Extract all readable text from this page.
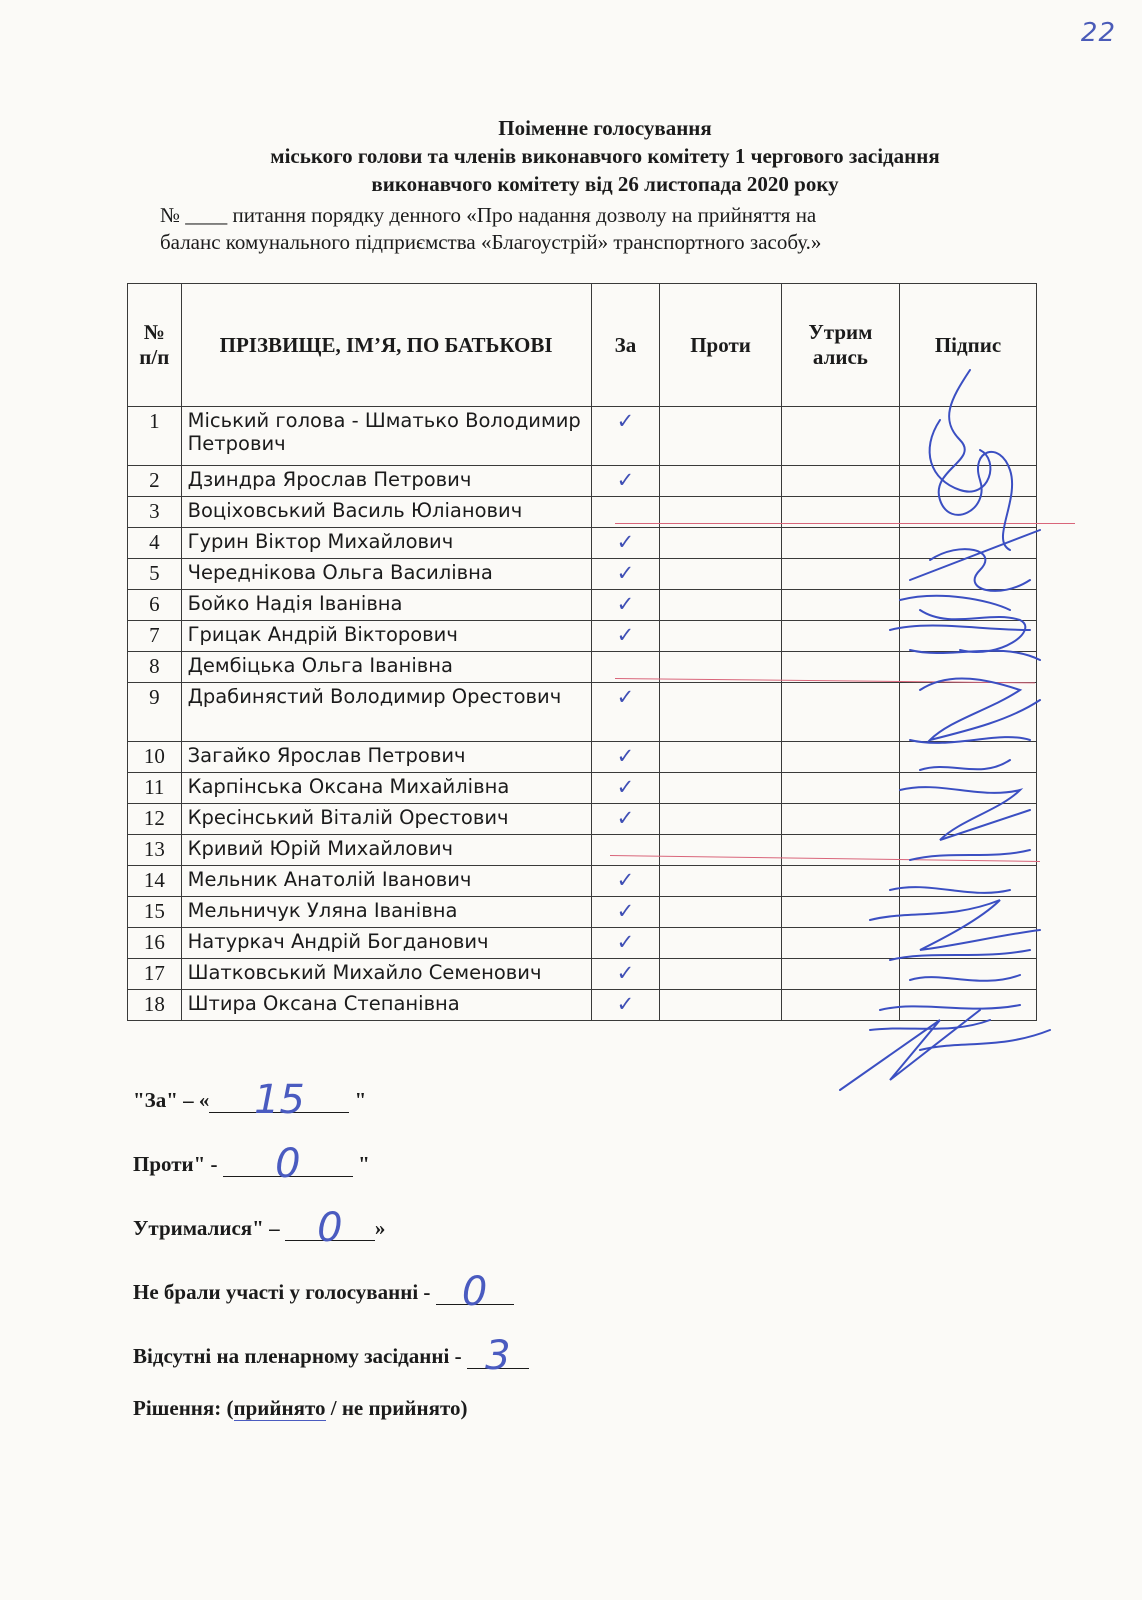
22
Поіменне голосування
міського голови та членів виконавчого комітету 1 чергового засідання
виконавчого комітету від 26 листопада 2020 року
№ ____ питання порядку денного «Про надання дозволу на прийняття на
баланс комунального підприємства «Благоустрій» транспортного засобу.»
№ п/п	ПРІЗВИЩЕ, ІМ’Я, ПО БАТЬКОВІ	За	Проти	Утрим ались	Підпис
1	Міський голова - Шматько Володимир Петрович	✓			
2	Дзиндра Ярослав Петрович	✓			
3	Воціховський Василь Юліанович				
4	Гурин Віктор Михайлович	✓			
5	Череднікова Ольга Василівна	✓			
6	Бойко Надія Іванівна	✓			
7	Грицак Андрій Вікторович	✓			
8	Дембіцька Ольга Іванівна				
9	Драбинястий Володимир Орестович	✓			
10	Загайко Ярослав Петрович	✓			
11	Карпінська Оксана Михайлівна	✓			
12	Кресінський Віталій Орестович	✓			
13	Кривий Юрій Михайлович				
14	Мельник Анатолій Іванович	✓			
15	Мельничук Уляна Іванівна	✓			
16	Натуркач Андрій Богданович	✓			
17	Шатковський Михайло Семенович	✓			
18	Штира Оксана Степанівна	✓			
"За" – « 15 "
Проти" - 0 "
Утрималися" – 0 »
Не брали участі у голосуванні - 0
Відсутні на пленарному засіданні - 3
Рішення: (прийнято / не прийнято)
